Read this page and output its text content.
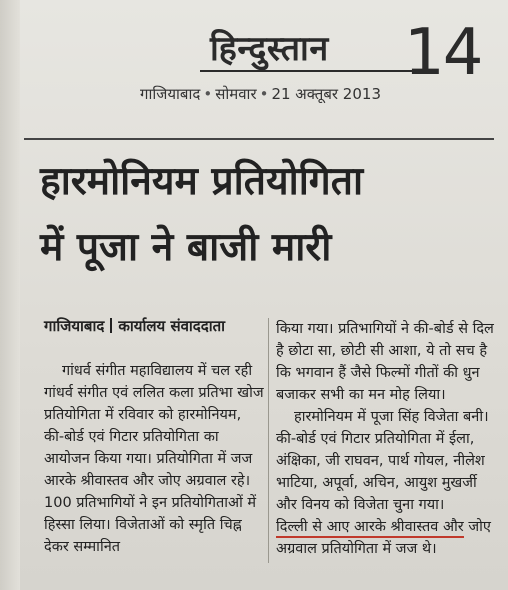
हिन्दुस्तान 14
गाजियाबाद • सोमवार • 21 अक्तूबर 2013
हारमोनियम प्रतियोगिता
में पूजा ने बाजी मारी
गाजियाबाद कार्यालय संवाददाता

गांधर्व संगीत महाविद्यालय में चल रही गांधर्व संगीत एवं ललित कला प्रतिभा खोज प्रतियोगिता में रविवार को हारमोनियम, की-बोर्ड एवं गिटार प्रतियोगिता का आयोजन किया गया। प्रतियोगिता में जज आरके श्रीवास्तव और जोए अग्रवाल रहे। 100 प्रतिभागियों ने इन प्रतियोगिताओं में हिस्सा लिया। विजेताओं को स्मृति चिह्न देकर सम्मानित

किया गया। प्रतिभागियों ने की-बोर्ड से दिल है छोटा सा, छोटी सी आशा, ये तो सच है कि भगवान हैं जैसे फिल्मों गीतों की धुन बजाकर सभी का मन मोह लिया।

हारमोनियम में पूजा सिंह विजेता बनी। की-बोर्ड एवं गिटार प्रतियोगिता में ईला, अंक्षिका, जी राघवन, पार्थ गोयल, नीलेश भाटिया, अपूर्वा, अचिन, आयुश मुखर्जी और विनय को विजेता चुना गया।

दिल्ली से आए आरके श्रीवास्तव और जोए अग्रवाल प्रतियोगिता में जज थे।
